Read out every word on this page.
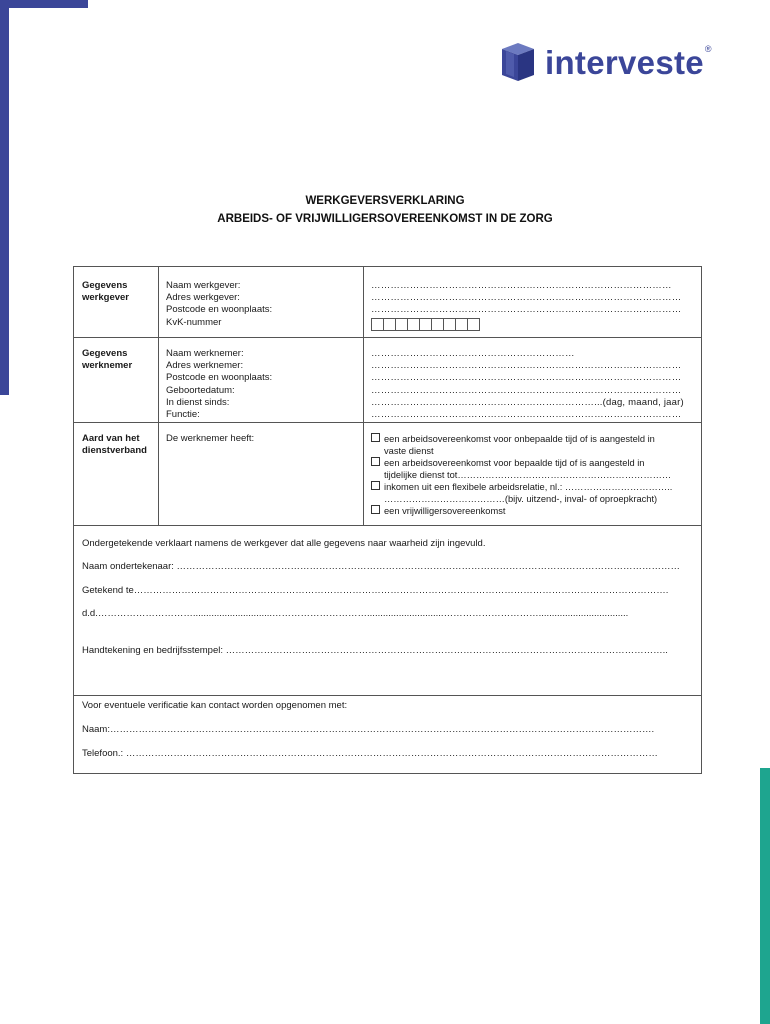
interveste ®
WERKGEVERSVERKLARING
ARBEIDS- OF VRIJWILLIGERSOVEREENKOMST IN DE ZORG
Gegevens
werkgever
Naam werkgever:
Adres werkgever:
Postcode en woonplaats:
KvK-nummer
…………………………………………………………………………………
……………………………………………………………………………………
……………………………………………………………………………………
Gegevens
werknemer
Naam werknemer:
Adres werknemer:
Postcode en woonplaats:
Geboortedatum:
In dienst sinds:
Functie:
………………………………………………………
……………………………………………………………………………………
……………………………………………………………………………………
……………………………………………………………………………………
……………………………………………………………...(dag, maand, jaar)
……………………………………………………………………………………
Aard van het
dienstverband
De werknemer heeft:	een arbeidsovereenkomst voor onbepaalde tijd of is aangesteld in
vaste dienst
een arbeidsovereenkomst voor bepaalde tijd of is aangesteld in
tijdelijke dienst tot……………………………………………………………
inkomen uit een flexibele arbeidsrelatie, nl.: ……………………………..
…………………………………(bijv. uitzend-, inval- of oproepkracht)
een vrijwilligersovereenkomst
Ondergetekende verklaart namens de werkgever dat alle gegevens naar waarheid zijn ingevuld.
Naam ondertekenaar: ……………………………………………………………………………………………………………………………………………
Getekend te…………………………………………………………………………………………………………………………………………………….
d.d.…………………………..............................………………………….............................…………………………..................................
Handtekening en bedrijfsstempel: …………………………………………………………………………………………………………………………..
Voor eventuele verificatie kan contact worden opgenomen met:
Naam:……………………………………………………………………………………………………………………………………………………….
Telefoon.: ……………………………………………………………………………………………………………………………………………………
